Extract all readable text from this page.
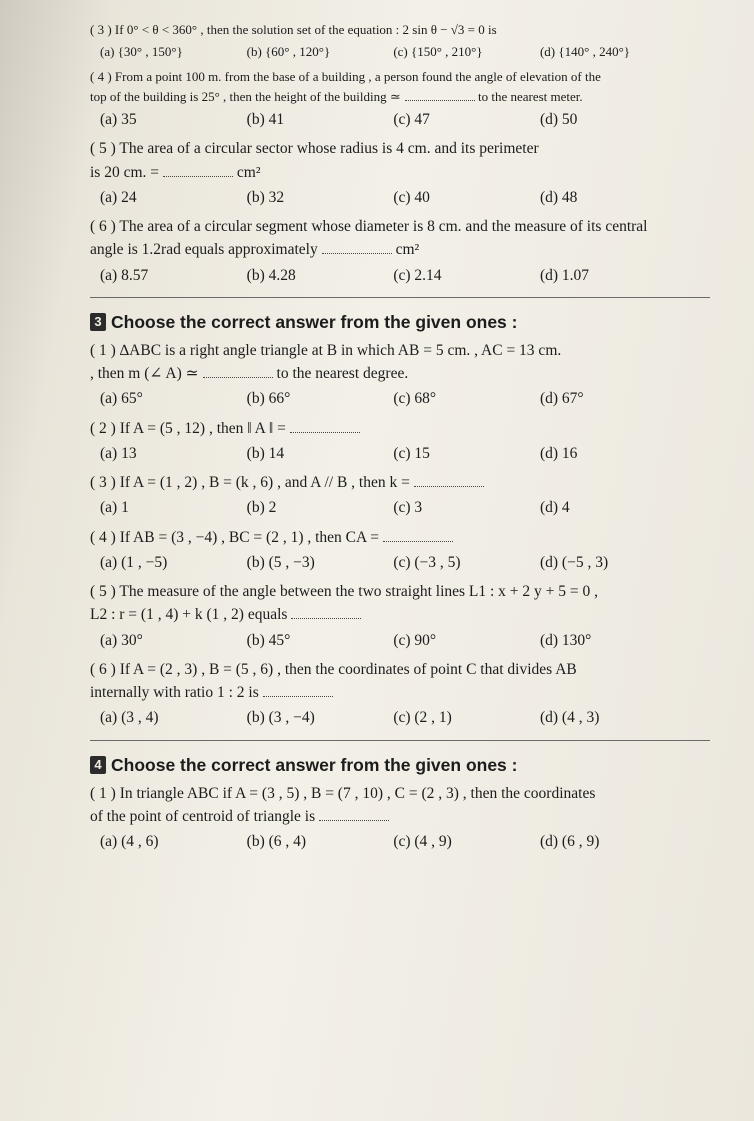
( 3 ) If 0° < θ < 360° , then the solution set of the equation : 2 sin θ − √3 = 0 is
(a) {30° , 150°}	(b) {60° , 120°}	(c) {150° , 210°}	(d) {140° , 240°}
( 4 ) From a point 100 m. from the base of a building , a person found the angle of elevation of the
top of the building is 25° , then the height of the building ≃	to the nearest meter.
(a) 35	(b) 41	(c) 47	(d) 50
( 5 ) The area of a circular sector whose radius is 4 cm. and its perimeter
is 20 cm. =	cm²
(a) 24	(b) 32	(c) 40	(d) 48
( 6 ) The area of a circular segment whose diameter is 8 cm. and the measure of its central
angle is 1.2rad equals approximately	cm²
(a) 8.57	(b) 4.28	(c) 2.14	(d) 1.07
3 Choose the correct answer from the given ones :
( 1 ) ∆ABC is a right angle triangle at B in which AB = 5 cm. , AC = 13 cm.
, then m (∠ A) ≃	to the nearest degree.
(a) 65°	(b) 66°	(c) 68°	(d) 67°
( 2 ) If A = (5 , 12) , then ‖ A ‖ =
(a) 13	(b) 14	(c) 15	(d) 16
( 3 ) If A = (1 , 2) , B = (k , 6) , and A // B , then k =
(a) 1	(b) 2	(c) 3	(d) 4
( 4 ) If AB = (3 , −4) , BC = (2 , 1) , then CA =
(a) (1 , −5)	(b) (5 , −3)	(c) (−3 , 5)	(d) (−5 , 3)
( 5 ) The measure of the angle between the two straight lines L1 : x + 2 y + 5 = 0 ,
L2 : r = (1 , 4) + k (1 , 2) equals
(a) 30°	(b) 45°	(c) 90°	(d) 130°
( 6 ) If A = (2 , 3) , B = (5 , 6) , then the coordinates of point C that divides AB
internally with ratio 1 : 2 is
(a) (3 , 4)	(b) (3 , −4)	(c) (2 , 1)	(d) (4 , 3)
4 Choose the correct answer from the given ones :
( 1 ) In triangle ABC if A = (3 , 5) , B = (7 , 10) , C = (2 , 3) , then the coordinates
of the point of centroid of triangle is
(a) (4 , 6)	(b) (6 , 4)	(c) (4 , 9)	(d) (6 , 9)
